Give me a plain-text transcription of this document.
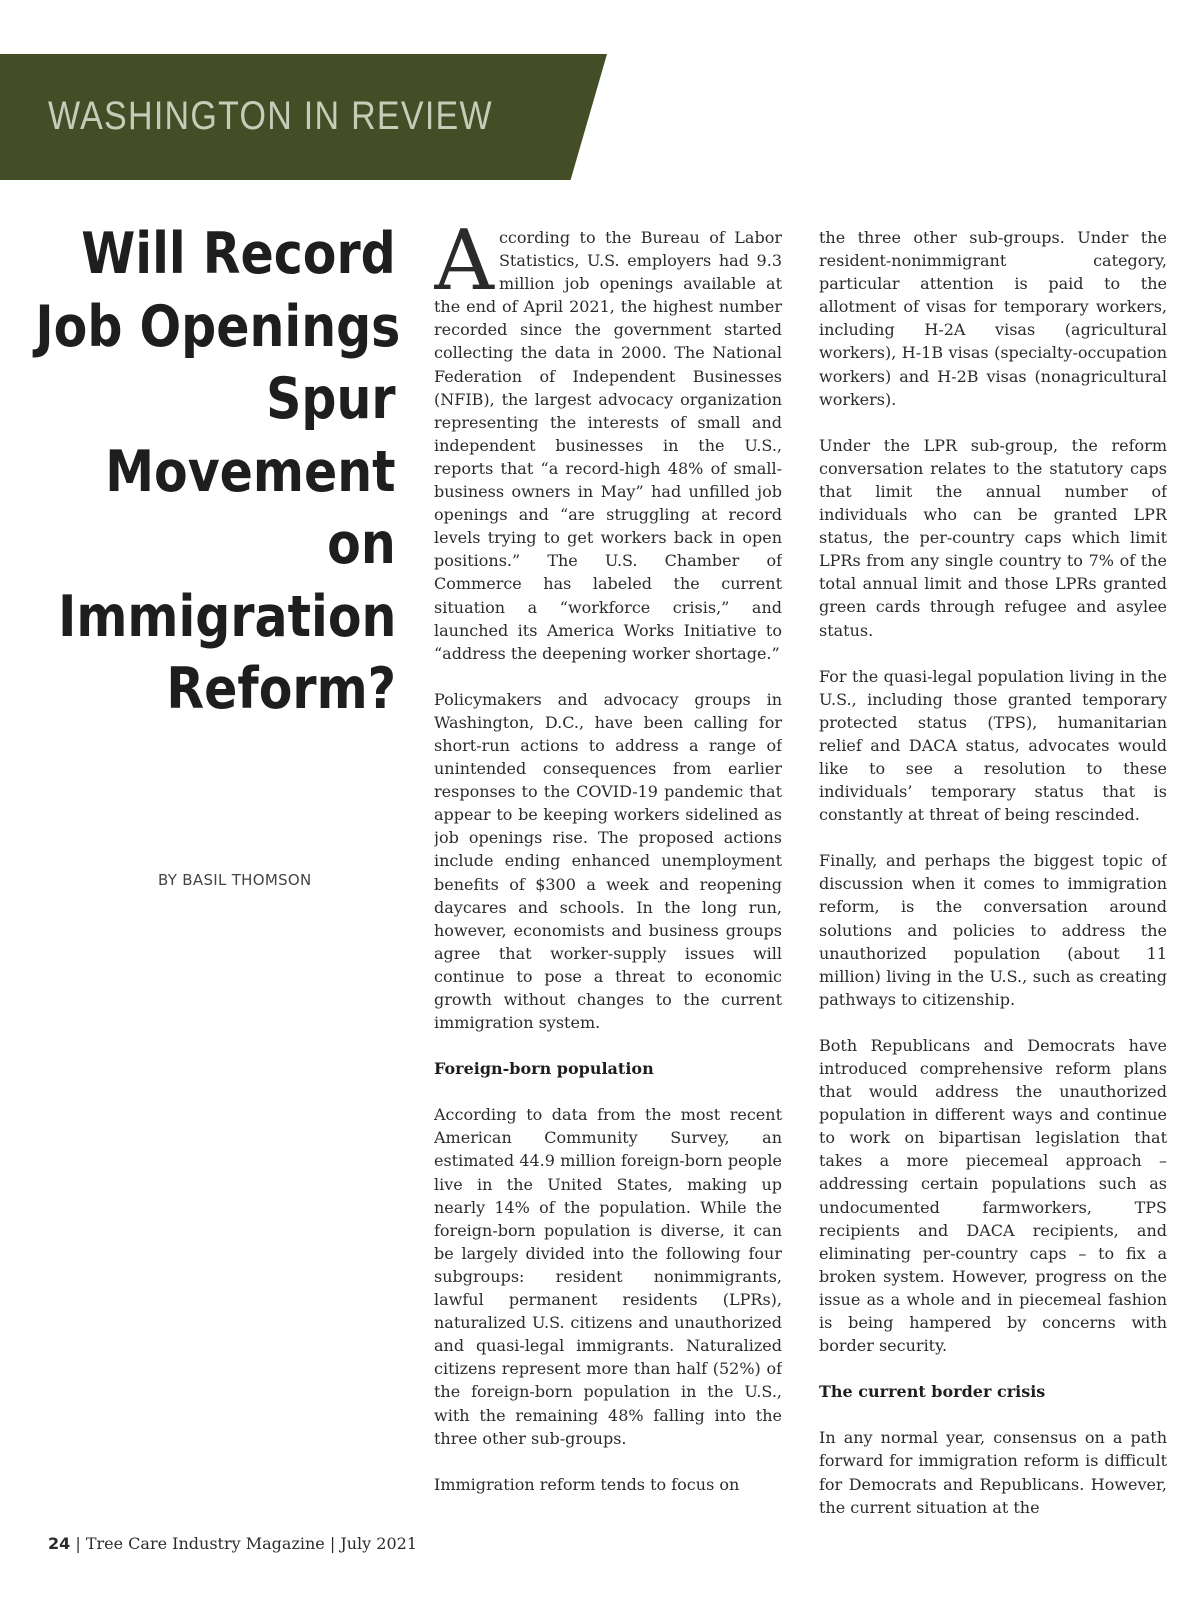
WASHINGTON IN REVIEW
Will Record
Job Openings
Spur
Movement
on
Immigration
Reform?
BY BASIL THOMSON

According to the Bureau of Labor Statistics, U.S. employers had 9.3 million job openings available at the end of April 2021, the highest number recorded since the government started collecting the data in 2000. The National Federation of Independent Businesses (NFIB), the largest advocacy organization representing the interests of small and independent businesses in the U.S., reports that “a record-high 48% of small-business owners in May” had unfilled job openings and “are struggling at record levels trying to get workers back in open positions.” The U.S. Chamber of Commerce has labeled the current situation a “workforce crisis,” and launched its America Works Initiative to “address the deepening worker shortage.”

Policymakers and advocacy groups in Washington, D.C., have been calling for short-run actions to address a range of unintended consequences from earlier responses to the COVID-19 pandemic that appear to be keeping workers sidelined as job openings rise. The proposed actions include ending enhanced unemployment benefits of $300 a week and reopening daycares and schools. In the long run, however, economists and business groups agree that worker-supply issues will continue to pose a threat to economic growth without changes to the current immigration system.

Foreign-born population

According to data from the most recent American Community Survey, an estimated 44.9 million foreign-born people live in the United States, making up nearly 14% of the population. While the foreign-born population is diverse, it can be largely divided into the following four subgroups: resident nonimmigrants, lawful permanent residents (LPRs), naturalized U.S. citizens and unauthorized and quasi-legal immigrants. Naturalized citizens represent more than half (52%) of the foreign-born population in the U.S., with the remaining 48% falling into the three other sub-groups.

Immigration reform tends to focus on

the three other sub-groups. Under the resident-nonimmigrant category, particular attention is paid to the allotment of visas for temporary workers, including H-2A visas (agricultural workers), H-1B visas (specialty-occupation workers) and H-2B visas (nonagricultural workers).

Under the LPR sub-group, the reform conversation relates to the statutory caps that limit the annual number of individuals who can be granted LPR status, the per-country caps which limit LPRs from any single country to 7% of the total annual limit and those LPRs granted green cards through refugee and asylee status.

For the quasi-legal population living in the U.S., including those granted temporary protected status (TPS), humanitarian relief and DACA status, advocates would like to see a resolution to these individuals’ temporary status that is constantly at threat of being rescinded.

Finally, and perhaps the biggest topic of discussion when it comes to immigration reform, is the conversation around solutions and policies to address the unauthorized population (about 11 million) living in the U.S., such as creating pathways to citizenship.

Both Republicans and Democrats have introduced comprehensive reform plans that would address the unauthorized population in different ways and continue to work on bipartisan legislation that takes a more piecemeal approach – addressing certain populations such as undocumented farmworkers, TPS recipients and DACA recipients, and eliminating per-country caps – to fix a broken system. However, progress on the issue as a whole and in piecemeal fashion is being hampered by concerns with border security.

The current border crisis

In any normal year, consensus on a path forward for immigration reform is difficult for Democrats and Republicans. However, the current situation at the

24 | Tree Care Industry Magazine | July 2021
